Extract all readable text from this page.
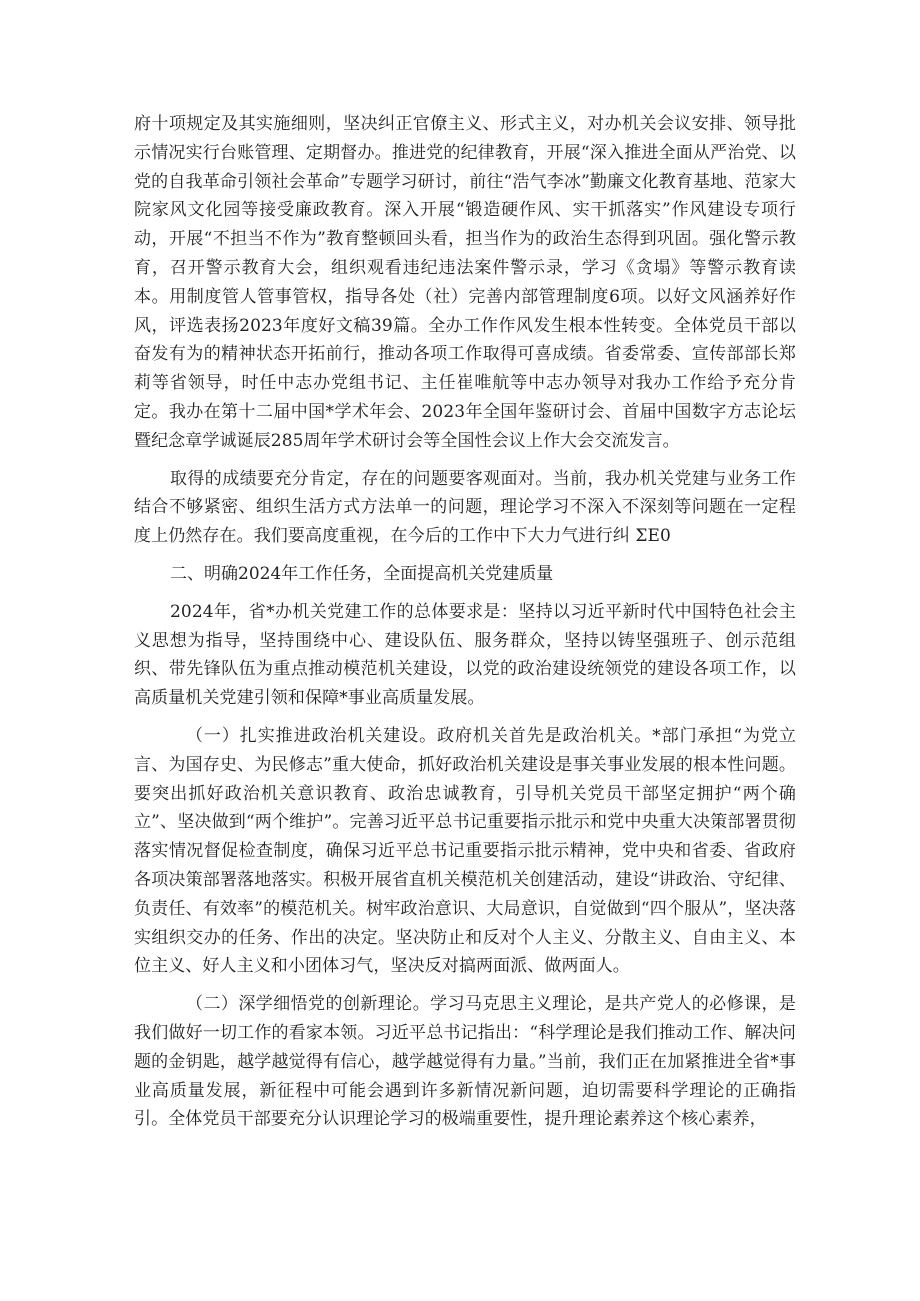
府十项规定及其实施细则，坚决纠正官僚主义、形式主义，对办机关会议安排、领导批示情况实行台账管理、定期督办。推进党的纪律教育，开展“深入推进全面从严治党、以党的自我革命引领社会革命”专题学习研讨，前往“浩气李冰”勤廉文化教育基地、范家大院家风文化园等接受廉政教育。深入开展“锻造硬作风、实干抓落实”作风建设专项行动，开展“不担当不作为”教育整顿回头看，担当作为的政治生态得到巩固。强化警示教育，召开警示教育大会，组织观看违纪违法案件警示录，学习《贪塌》等警示教育读本。用制度管人管事管权，指导各处（社）完善内部管理制度6项。以好文风涵养好作风，评选表扬2023年度好文稿39篇。全办工作作风发生根本性转变。全体党员干部以奋发有为的精神状态开拓前行，推动各项工作取得可喜成绩。省委常委、宣传部部长郑莉等省领导，时任中志办党组书记、主任崔唯航等中志办领导对我办工作给予充分肯定。我办在第十二届中国*学术年会、2023年全国年鉴研讨会、首届中国数字方志论坛暨纪念章学诚诞辰285周年学术研讨会等全国性会议上作大会交流发言。

取得的成绩要充分肯定，存在的问题要客观面对。当前，我办机关党建与业务工作结合不够紧密、组织生活方式方法单一的问题，理论学习不深入不深刻等问题在一定程度上仍然存在。我们要高度重视，在今后的工作中下大力气进行纠 ΣE0

二、明确2024年工作任务，全面提高机关党建质量

2024年，省*办机关党建工作的总体要求是：坚持以习近平新时代中国特色社会主义思想为指导，坚持围绕中心、建设队伍、服务群众，坚持以铸坚强班子、创示范组织、带先锋队伍为重点推动模范机关建设，以党的政治建设统领党的建设各项工作，以高质量机关党建引领和保障*事业高质量发展。

（一）扎实推进政治机关建设。政府机关首先是政治机关。*部门承担“为党立言、为国存史、为民修志”重大使命，抓好政治机关建设是事关事业发展的根本性问题。要突出抓好政治机关意识教育、政治忠诚教育，引导机关党员干部坚定拥护“两个确立”、坚决做到“两个维护”。完善习近平总书记重要指示批示和党中央重大决策部署贯彻落实情况督促检查制度，确保习近平总书记重要指示批示精神，党中央和省委、省政府各项决策部署落地落实。积极开展省直机关模范机关创建活动，建设“讲政治、守纪律、负责任、有效率”的模范机关。树牢政治意识、大局意识，自觉做到“四个服从”，坚决落实组织交办的任务、作出的决定。坚决防止和反对个人主义、分散主义、自由主义、本位主义、好人主义和小团体习气，坚决反对搞两面派、做两面人。

（二）深学细悟党的创新理论。学习马克思主义理论，是共产党人的必修课，是我们做好一切工作的看家本领。习近平总书记指出：“科学理论是我们推动工作、解决问题的金钥匙，越学越觉得有信心，越学越觉得有力量。”当前，我们正在加紧推进全省*事业高质量发展，新征程中可能会遇到许多新情况新问题，迫切需要科学理论的正确指引。全体党员干部要充分认识理论学习的极端重要性，提升理论素养这个核心素养，
